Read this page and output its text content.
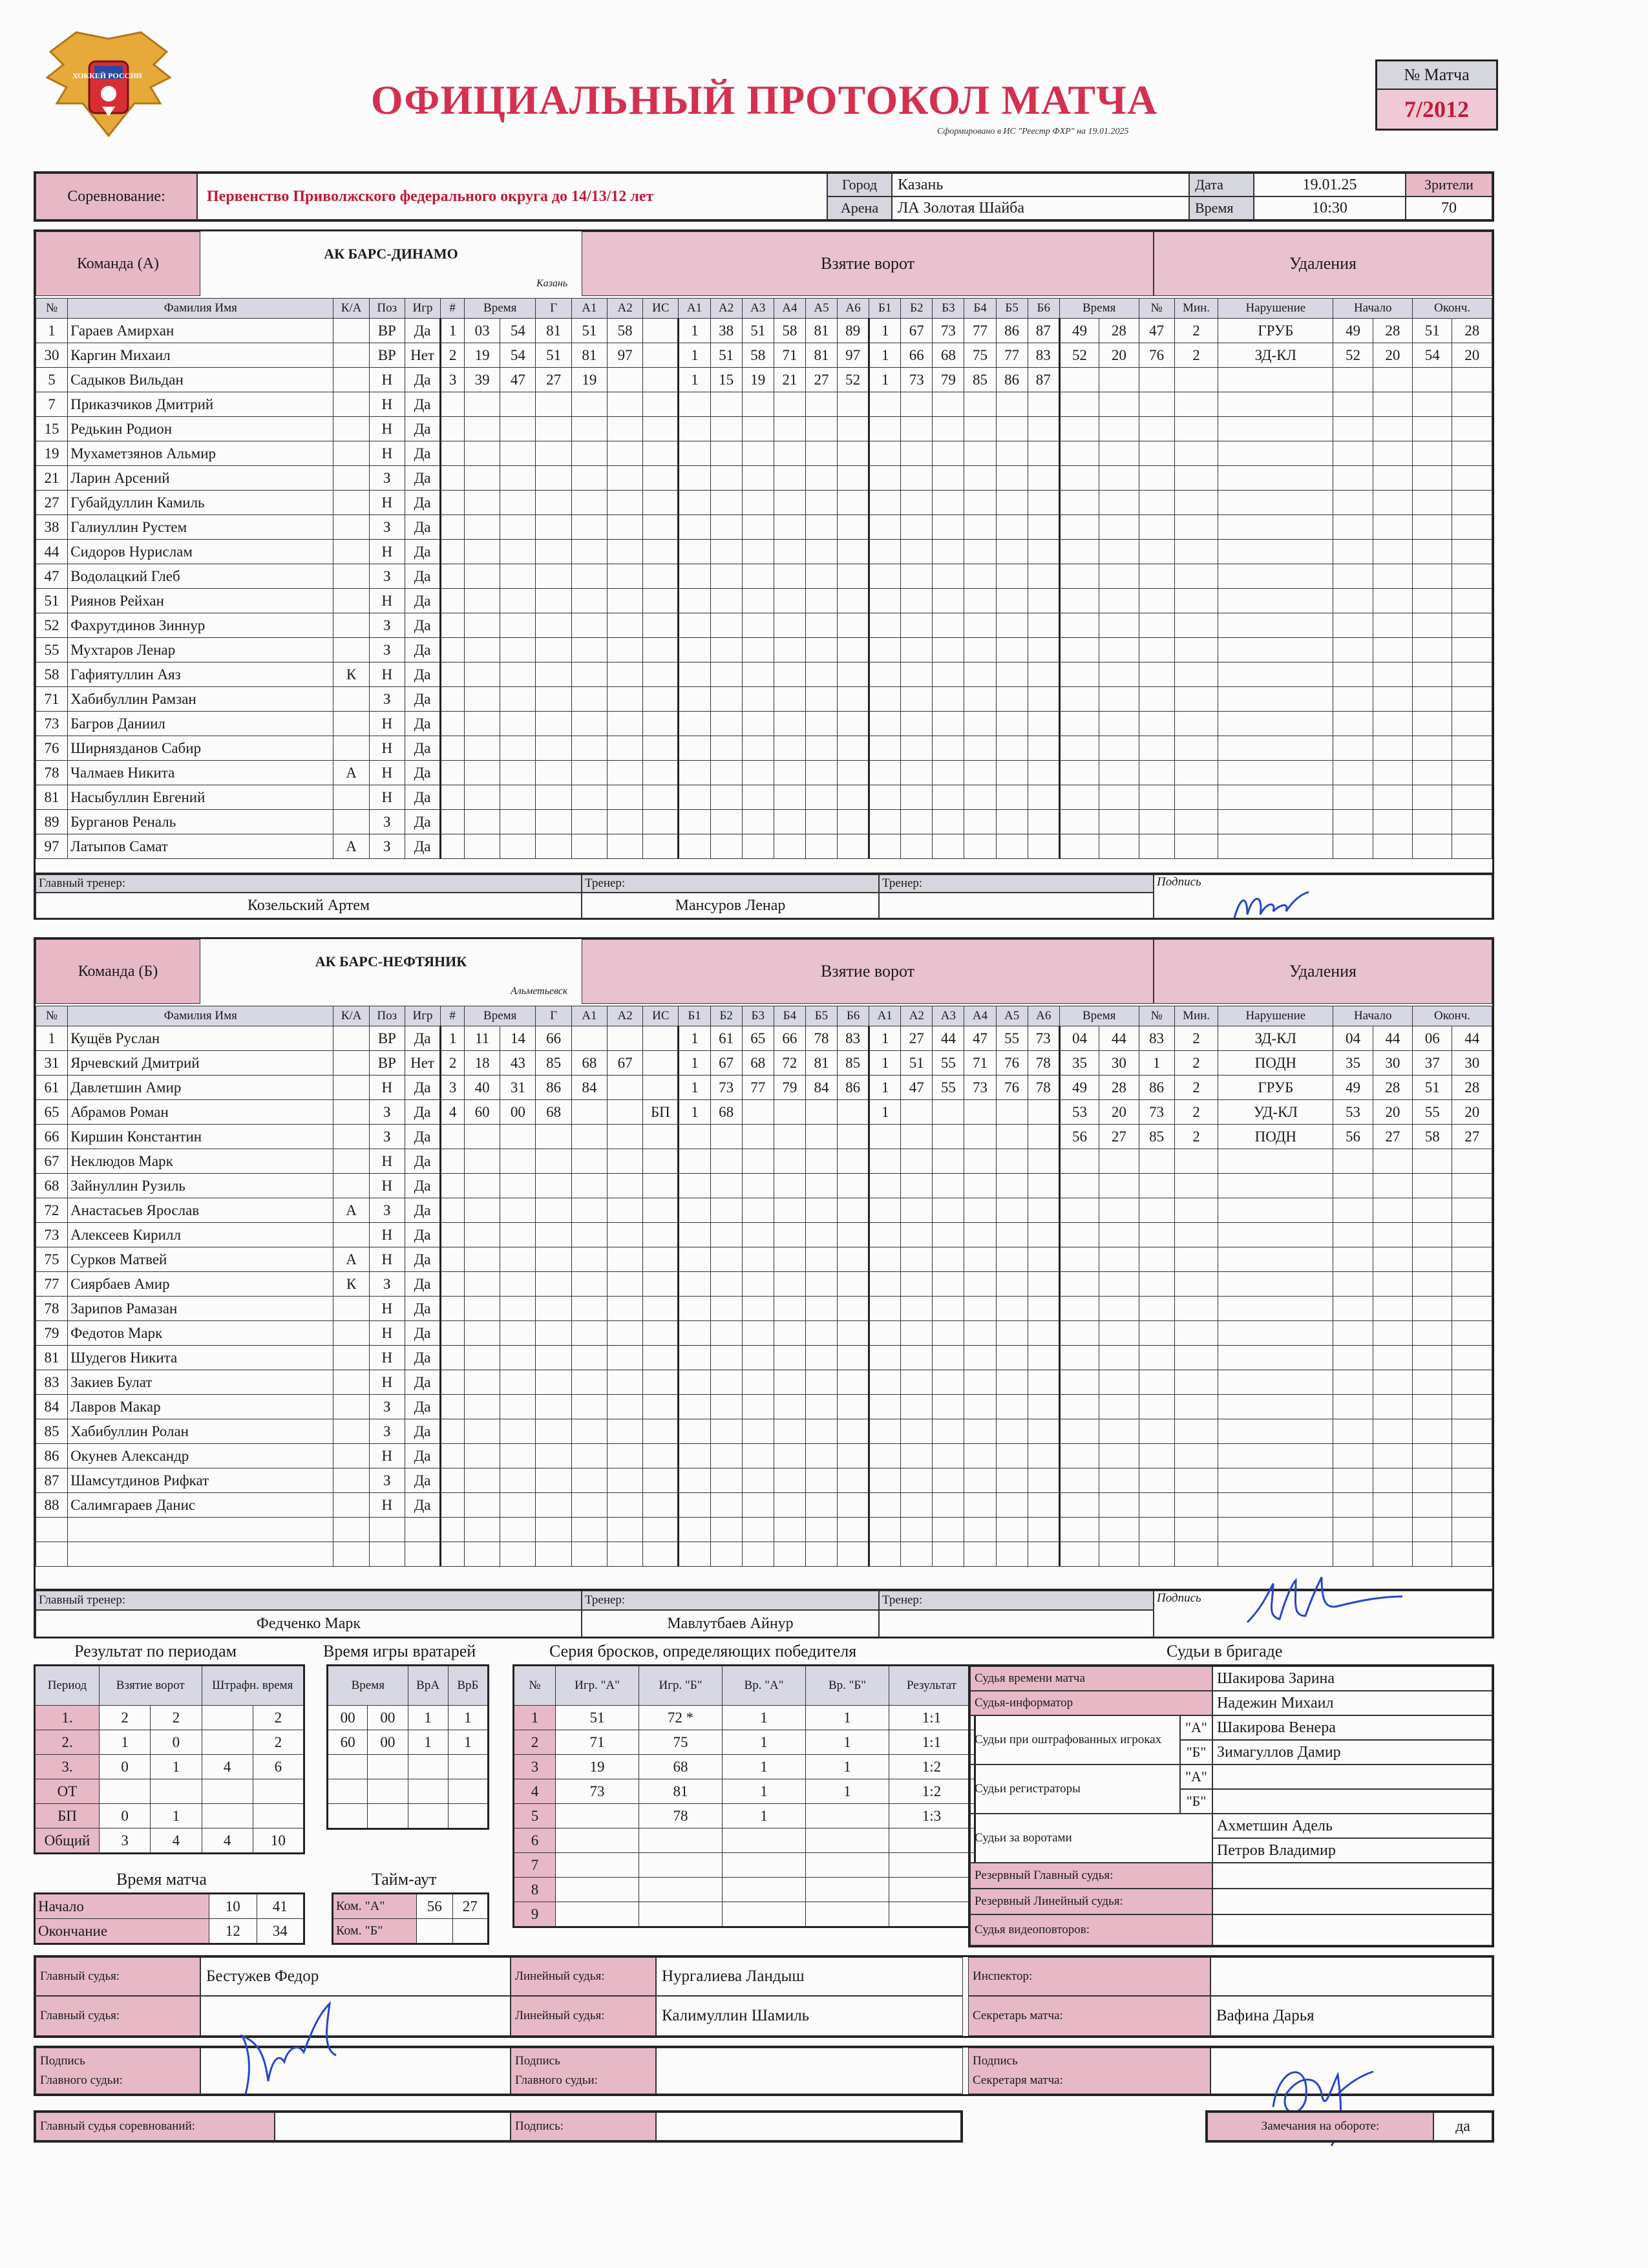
ХОККЕЙ РОССИИ
ОФИЦИАЛЬНЫЙ ПРОТОКОЛ МАТЧА
Сформировано в ИС "Реестр ФХР" на 19.01.2025
№ Матча
7/2012
Соревнование:	Первенство Приволжского федерального округа до 14/13/12 лет
Город	Казань
Арена	ЛА Золотая Шайба
Дата	19.01.25
Время	10:30
Зрители
70
Команда (А)
АК БАРС-ДИНАМО
Казань
Взятие ворот	Удаления
№	Фамилия Имя	К/А	Поз	Игр	#	Время		Г	А1	А2	ИС	А1	А2	А3	А4	А5	А6	Б1	Б2	Б3	Б4	Б5	Б6	Время		№	Мин.	Нарушение	Начало		Оконч.	
1	Гараев Амирхан		ВР	Да	1	03	54	81	51	58		1	38	51	58	81	89	1	67	73	77	86	87	49	28	47	2	ГРУБ	49	28	51	28
30	Каргин Михаил		ВР	Нет	2	19	54	51	81	97		1	51	58	71	81	97	1	66	68	75	77	83	52	20	76	2	ЗД-КЛ	52	20	54	20
5	Садыков Вильдан		Н	Да	3	39	47	27	19			1	15	19	21	27	52	1	73	79	85	86	87									
7	Приказчиков Дмитрий		Н	Да																												
15	Редькин Родион		Н	Да																												
19	Мухаметзянов Альмир		Н	Да																												
21	Ларин Арсений		З	Да																												
27	Губайдуллин Камиль		Н	Да																												
38	Галиуллин Рустем		З	Да																												
44	Сидоров Нурислам		Н	Да																												
47	Водолацкий Глеб		З	Да																												
51	Риянов Рейхан		Н	Да																												
52	Фахрутдинов Зиннур		З	Да																												
55	Мухтаров Ленар		З	Да																												
58	Гафиятуллин Аяз	К	Н	Да																												
71	Хабибуллин Рамзан		З	Да																												
73	Багров Даниил		Н	Да																												
76	Ширнязданов Сабир		Н	Да																												
78	Чалмаев Никита	А	Н	Да																												
81	Насыбуллин Евгений		Н	Да																												
89	Бурганов Реналь		З	Да																												
97	Латыпов Самат	А	З	Да																												
Главный тренер:
Козельский Артем
Тренер:
Мансуров Ленар
Тренер:	Подпись
Команда (Б)
АК БАРС-НЕФТЯНИК
Альметьевск
Взятие ворот	Удаления
№	Фамилия Имя	К/А	Поз	Игр	#	Время		Г	А1	А2	ИС	Б1	Б2	Б3	Б4	Б5	Б6	А1	А2	А3	А4	А5	А6	Время		№	Мин.	Нарушение	Начало		Оконч.	
1	Кущёв Руслан		ВР	Да	1	11	14	66				1	61	65	66	78	83	1	27	44	47	55	73	04	44	83	2	ЗД-КЛ	04	44	06	44
31	Ярчевский Дмитрий		ВР	Нет	2	18	43	85	68	67		1	67	68	72	81	85	1	51	55	71	76	78	35	30	1	2	ПОДН	35	30	37	30
61	Давлетшин Амир		Н	Да	3	40	31	86	84			1	73	77	79	84	86	1	47	55	73	76	78	49	28	86	2	ГРУБ	49	28	51	28
65	Абрамов Роман		З	Да	4	60	00	68			БП	1	68					1						53	20	73	2	УД-КЛ	53	20	55	20
66	Киршин Константин		З	Да																				56	27	85	2	ПОДН	56	27	58	27
67	Неклюдов Марк		Н	Да																												
68	Зайнуллин Рузиль		Н	Да																												
72	Анастасьев Ярослав	А	З	Да																												
73	Алексеев Кирилл		Н	Да																												
75	Сурков Матвей	А	Н	Да																												
77	Сиярбаев Амир	К	З	Да																												
78	Зарипов Рамазан		Н	Да																												
79	Федотов Марк		Н	Да																												
81	Шудегов Никита		Н	Да																												
83	Закиев Булат		Н	Да																												
84	Лавров Макар		З	Да																												
85	Хабибуллин Ролан		З	Да																												
86	Окунев Александр		Н	Да																												
87	Шамсутдинов Рифкат		З	Да																												
88	Салимгараев Данис		Н	Да																												

Главный тренер:
Федченко Марк
Тренер:
Мавлутбаев Айнур
Тренер:	Подпись
Результат по периодам	Время игры вратарей	Серия бросков, определяющих победителя	Судьи в бригаде
Период	Взятие ворот		Штрафн. время	
1.	2	2		2
2.	1	0		2
3.	0	1	4	6
ОТ				
БП	0	1		
Общий	3	4	4	10
Время		ВрА	ВрБ
00	00	1	1
60	00	1	1

Время матча
Начало	10	41
Окончание	12	34
Тайм-аут
Ком. "А"	56	27
Ком. "Б"		
№	Игр. "А"	Игр. "Б"	Вр. "А"	Вр. "Б"	Результат
1	51	72 *	1	1	1:1
2	71	75	1	1	1:1
3	19	68	1	1	1:2
4	73	81	1	1	1:2
5		78	1		1:3
6					
7					
8					
9					
Судья времени матча	Шакирова Зарина
Судья-информатор	Надежин Михаил
Судьи при оштрафованных игроках
"А" Шакирова Венера
"Б" Зимагуллов Дамир
Судьи регистраторы
"А"
"Б"
Судьи за воротами
Ахметшин Адель
Петров Владимир
Резервный Главный судья:
Резервный Линейный судья:
Судья видеоповторов:
Главный судья:	Бестужев Федор
Главный судья:
Линейный судья:	Нургалиева Ландыш
Линейный судья:	Калимуллин Шамиль
Инспектор:
Секретарь матча:	Вафина Дарья
Подпись
Главного судьи:
Подпись
Главного судьи:
Подпись
Секретаря матча:
Главный судья соревнований:	Подпись:	Замечания на обороте:	да
